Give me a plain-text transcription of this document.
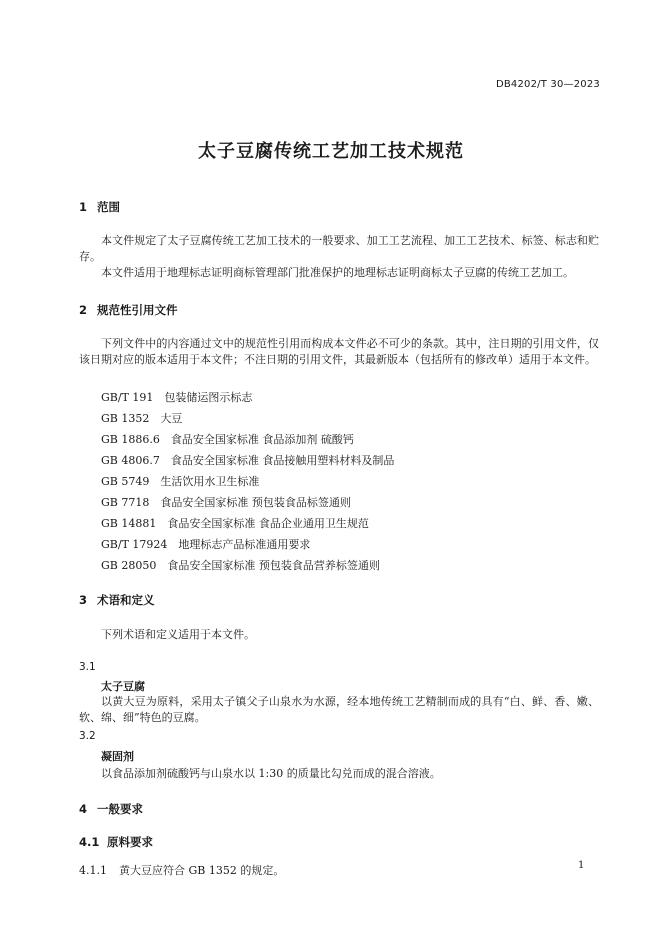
DB4202/T 30—2023
太子豆腐传统工艺加工技术规范
1 范围
本文件规定了太子豆腐传统工艺加工技术的一般要求、加工工艺流程、加工工艺技术、标签、标志和贮存。
本文件适用于地理标志证明商标管理部门批准保护的地理标志证明商标太子豆腐的传统工艺加工。
2 规范性引用文件
下列文件中的内容通过文中的规范性引用而构成本文件必不可少的条款。其中，注日期的引用文件，仅该日期对应的版本适用于本文件；不注日期的引用文件，其最新版本（包括所有的修改单）适用于本文件。
GB/T 191　包装储运图示标志
GB 1352　大豆
GB 1886.6　食品安全国家标准 食品添加剂 硫酸钙
GB 4806.7　食品安全国家标准 食品接触用塑料材料及制品
GB 5749　生活饮用水卫生标准
GB 7718　食品安全国家标准 预包装食品标签通则
GB 14881　食品安全国家标准 食品企业通用卫生规范
GB/T 17924　地理标志产品标准通用要求
GB 28050　食品安全国家标准 预包装食品营养标签通则
3 术语和定义
下列术语和定义适用于本文件。
3.1
太子豆腐
以黄大豆为原料，采用太子镇父子山泉水为水源，经本地传统工艺精制而成的具有“白、鲜、香、嫩、软、绵、细”特色的豆腐。
3.2
凝固剂
以食品添加剂硫酸钙与山泉水以 1:30 的质量比勾兑而成的混合溶液。
4 一般要求
4.1 原料要求
4.1.1 黄大豆应符合 GB 1352 的规定。	1
